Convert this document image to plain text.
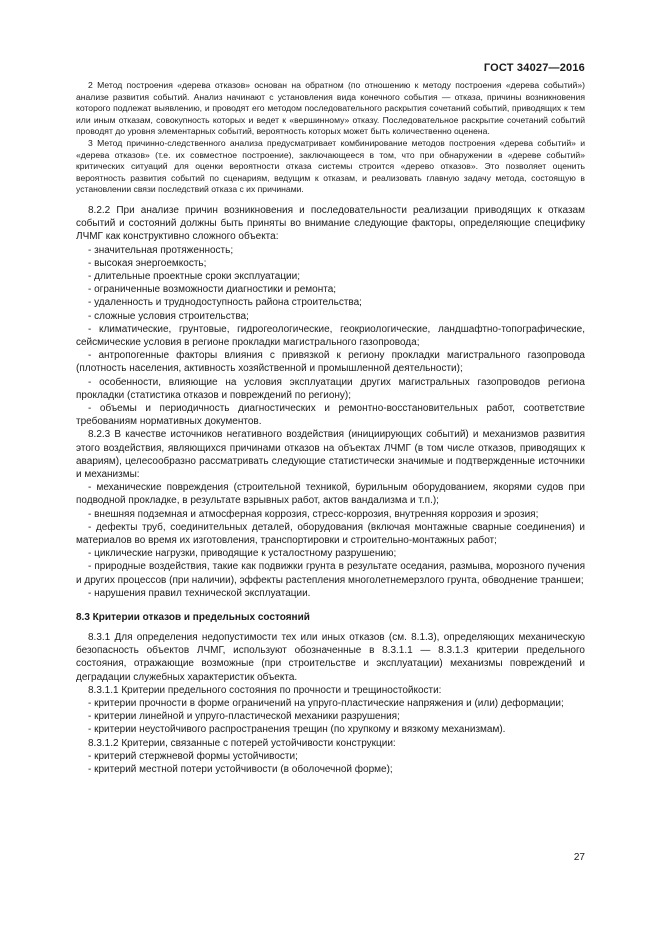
ГОСТ 34027—2016

2 Метод построения «дерева отказов» основан на обратном (по отношению к методу построения «дерева событий») анализе развития событий. Анализ начинают с установления вида конечного события — отказа, причины возникновения которого подлежат выявлению, и проводят его методом последовательного раскрытия сочетаний событий, приводящих к тем или иным отказам, совокупность которых и ведет к «вершинному» отказу. Последовательное раскрытие сочетаний событий проводят до уровня элементарных событий, вероятность которых может быть количественно оценена.

3 Метод причинно-следственного анализа предусматривает комбинирование методов построения «дерева событий» и «дерева отказов» (т.е. их совместное построение), заключающееся в том, что при обнаружении в «дереве событий» критических ситуаций для оценки вероятности отказа системы строится «дерево отказов». Это позволяет оценить вероятность развития событий по сценариям, ведущим к отказам, и реализовать главную задачу метода, состоящую в установлении связи последствий отказа с их причинами.

8.2.2 При анализе причин возникновения и последовательности реализации приводящих к отказам событий и состояний должны быть приняты во внимание следующие факторы, определяющие специфику ЛЧМГ как конструктивно сложного объекта:

- значительная протяженность;

- высокая энергоемкость;

- длительные проектные сроки эксплуатации;

- ограниченные возможности диагностики и ремонта;

- удаленность и труднодоступность района строительства;

- сложные условия строительства;

- климатические, грунтовые, гидрогеологические, геокриологические, ландшафтно-топографические, сейсмические условия в регионе прокладки магистрального газопровода;

- антропогенные факторы влияния с привязкой к региону прокладки магистрального газопровода (плотность населения, активность хозяйственной и промышленной деятельности);

- особенности, влияющие на условия эксплуатации других магистральных газопроводов региона прокладки (статистика отказов и повреждений по региону);

- объемы и периодичность диагностических и ремонтно-восстановительных работ, соответствие требованиям нормативных документов.

8.2.3 В качестве источников негативного воздействия (инициирующих событий) и механизмов развития этого воздействия, являющихся причинами отказов на объектах ЛЧМГ (в том числе отказов, приводящих к авариям), целесообразно рассматривать следующие статистически значимые и подтвержденные источники и механизмы:

- механические повреждения (строительной техникой, бурильным оборудованием, якорями судов при подводной прокладке, в результате взрывных работ, актов вандализма и т.п.);

- внешняя подземная и атмосферная коррозия, стресс-коррозия, внутренняя коррозия и эрозия;

- дефекты труб, соединительных деталей, оборудования (включая монтажные сварные соединения) и материалов во время их изготовления, транспортировки и строительно-монтажных работ;

- циклические нагрузки, приводящие к усталостному разрушению;

- природные воздействия, такие как подвижки грунта в результате оседания, размыва, морозного пучения и других процессов (при наличии), эффекты растепления многолетнемерзлого грунта, обводнение траншеи;

- нарушения правил технической эксплуатации.

8.3 Критерии отказов и предельных состояний

8.3.1 Для определения недопустимости тех или иных отказов (см. 8.1.3), определяющих механическую безопасность объектов ЛЧМГ, используют обозначенные в 8.3.1.1 — 8.3.1.3 критерии предельного состояния, отражающие возможные (при строительстве и эксплуатации) механизмы повреждений и деградации служебных характеристик объекта.

8.3.1.1 Критерии предельного состояния по прочности и трещиностойкости:

- критерии прочности в форме ограничений на упруго-пластические напряжения и (или) деформации;

- критерии линейной и упруго-пластической механики разрушения;

- критерии неустойчивого распространения трещин (по хрупкому и вязкому механизмам).

8.3.1.2 Критерии, связанные с потерей устойчивости конструкции:

- критерий стержневой формы устойчивости;

- критерий местной потери устойчивости (в оболочечной форме);

27
